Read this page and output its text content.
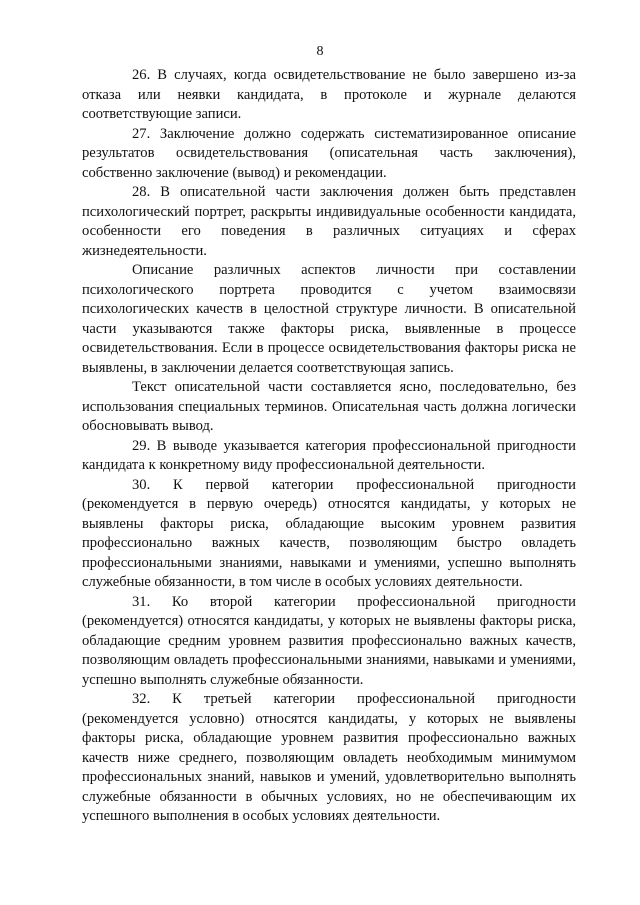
8

26. В случаях, когда освидетельствование не было завершено из-за отказа или неявки кандидата, в протоколе и журнале делаются соответствующие записи.

27. Заключение должно содержать систематизированное описание результатов освидетельствования (описательная часть заключения), собственно заключение (вывод) и рекомендации.

28. В описательной части заключения должен быть представлен психологический портрет, раскрыты индивидуальные особенности кандидата, особенности его поведения в различных ситуациях и сферах жизнедеятельности.

Описание различных аспектов личности при составлении психологического портрета проводится с учетом взаимосвязи психологических качеств в целостной структуре личности. В описательной части указываются также факторы риска, выявленные в процессе освидетельствования. Если в процессе освидетельствования факторы риска не выявлены, в заключении делается соответствующая запись.

Текст описательной части составляется ясно, последовательно, без использования специальных терминов. Описательная часть должна логически обосновывать вывод.

29. В выводе указывается категория профессиональной пригодности кандидата к конкретному виду профессиональной деятельности.

30. К первой категории профессиональной пригодности (рекомендуется в первую очередь) относятся кандидаты, у которых не выявлены факторы риска, обладающие высоким уровнем развития профессионально важных качеств, позволяющим быстро овладеть профессиональными знаниями, навыками и умениями, успешно выполнять служебные обязанности, в том числе в особых условиях деятельности.

31. Ко второй категории профессиональной пригодности (рекомендуется) относятся кандидаты, у которых не выявлены факторы риска, обладающие средним уровнем развития профессионально важных качеств, позволяющим овладеть профессиональными знаниями, навыками и умениями, успешно выполнять служебные обязанности.

32. К третьей категории профессиональной пригодности (рекомендуется условно) относятся кандидаты, у которых не выявлены факторы риска, обладающие уровнем развития профессионально важных качеств ниже среднего, позволяющим овладеть необходимым минимумом профессиональных знаний, навыков и умений, удовлетворительно выполнять служебные обязанности в обычных условиях, но не обеспечивающим их успешного выполнения в особых условиях деятельности.
